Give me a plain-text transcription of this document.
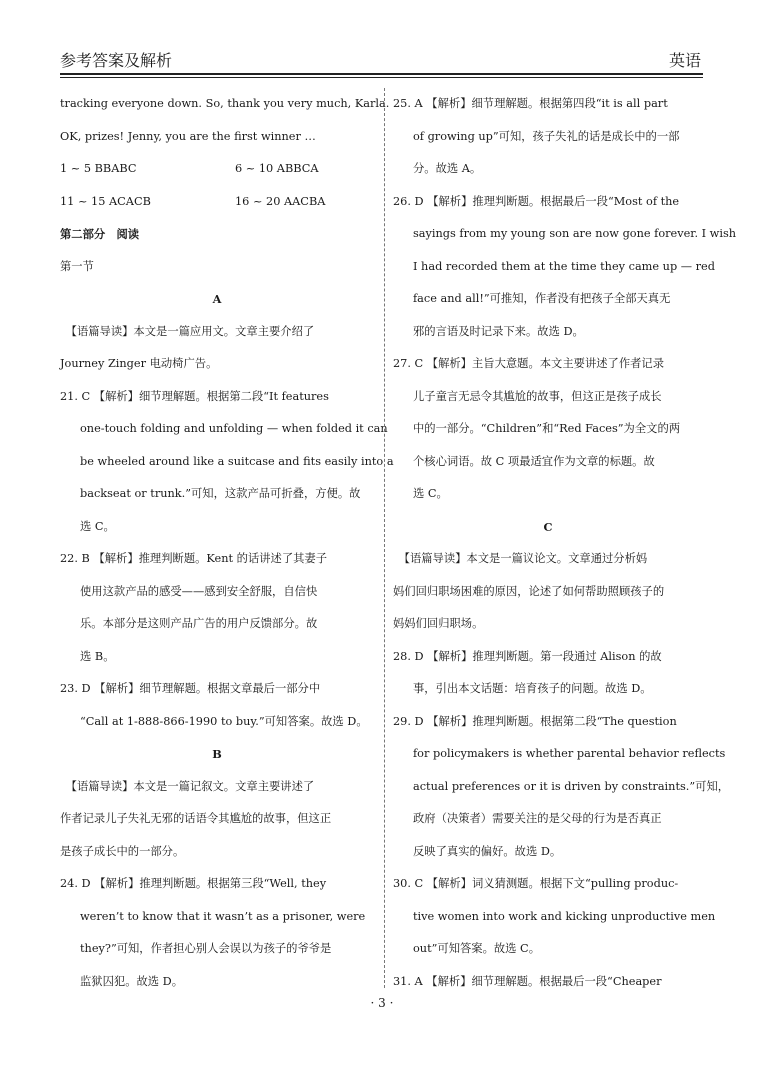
参考答案及解析	英语
tracking everyone down. So, thank you very much, Karla.
OK, prizes! Jenny, you are the first winner …
1 ~ 5 BBABC	6 ~ 10 ABBCA
11 ~ 15 ACACB	16 ~ 20 AACBA
第二部分　阅读
第一节
A
　【语篇导读】本文是一篇应用文。文章主要介绍了
Journey Zinger 电动椅广告。
21. C 【解析】细节理解题。根据第二段“It features
one-touch folding and unfolding — when folded it can
be wheeled around like a suitcase and fits easily into a
backseat or trunk.”可知，这款产品可折叠，方便。故
选 C。
22. B 【解析】推理判断题。Kent 的话讲述了其妻子
使用这款产品的感受——感到安全舒服，自信快
乐。本部分是这则产品广告的用户反馈部分。故
选 B。
23. D 【解析】细节理解题。根据文章最后一部分中
“Call at 1-888-866-1990 to buy.”可知答案。故选 D。
B
　【语篇导读】本文是一篇记叙文。文章主要讲述了
作者记录儿子失礼无邪的话语令其尴尬的故事，但这正
是孩子成长中的一部分。
24. D 【解析】推理判断题。根据第三段“Well, they
weren’t to know that it wasn’t as a prisoner, were
they?”可知，作者担心别人会误以为孩子的爷爷是
监狱囚犯。故选 D。
25. A 【解析】细节理解题。根据第四段“it is all part
of growing up”可知，孩子失礼的话是成长中的一部
分。故选 A。
26. D 【解析】推理判断题。根据最后一段“Most of the
sayings from my young son are now gone forever. I wish
I had recorded them at the time they came up — red
face and all!”可推知，作者没有把孩子全部天真无
邪的言语及时记录下来。故选 D。
27. C 【解析】主旨大意题。本文主要讲述了作者记录
儿子童言无忌令其尴尬的故事，但这正是孩子成长
中的一部分。“Children”和“Red Faces”为全文的两
个核心词语。故 C 项最适宜作为文章的标题。故
选 C。
C
　【语篇导读】本文是一篇议论文。文章通过分析妈
妈们回归职场困难的原因，论述了如何帮助照顾孩子的
妈妈们回归职场。
28. D 【解析】推理判断题。第一段通过 Alison 的故
事，引出本文话题：培育孩子的问题。故选 D。
29. D 【解析】推理判断题。根据第二段“The question
for policymakers is whether parental behavior reflects
actual preferences or it is driven by constraints.”可知，
政府（决策者）需要关注的是父母的行为是否真正
反映了真实的偏好。故选 D。
30. C 【解析】词义猜测题。根据下文“pulling produc-
tive women into work and kicking unproductive men
out”可知答案。故选 C。
31. A 【解析】细节理解题。根据最后一段“Cheaper
· 3 ·
